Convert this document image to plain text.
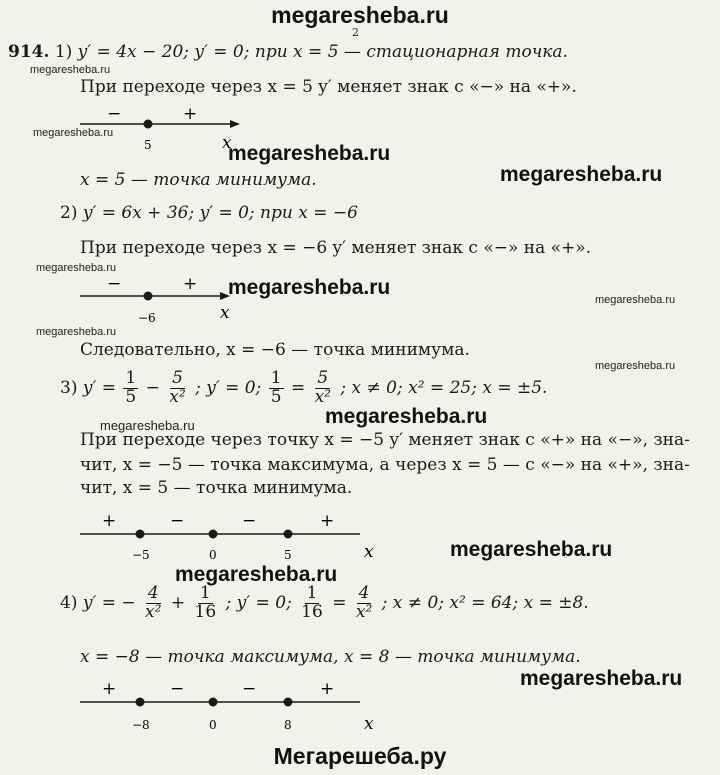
megaresheba.ru
Мегарешеба.ру
2
914. 1) y′ = 4x − 20; y′ = 0; при x = 5 — стационарная точка.
При переходе через x = 5 y′ меняет знак с «−» на «+».
−	+
5	x
x = 5 — точка минимума.
2) y′ = 6x + 36; y′ = 0; при x = −6
При переходе через x = −6 y′ меняет знак с «−» на «+».
−	+
−6	x
Следовательно, x = −6 — точка минимума.
3) $y' = \frac{1}{5} - \frac{5}{\text{x²}}$ ; y′ = 0; $\frac{1}{5} = \frac{5}{\text{x²}}$ ; x ≠ 0; x² = 25; x = ±5.
При переходе через точку x = −5 y′ меняет знак с «+» на «−», зна-
чит, x = −5 — точка максимума, а через x = 5 — с «−» на «+», зна-
чит, x = 5 — точка минимума.
+	−	−	+
−5	0	5	x
4) y′ = − $\frac{4}{\text{x²}} + \frac{1}{16}$ ; y′ = 0; $\frac{1}{16} = \frac{4}{\text{x²}}$ ; x ≠ 0; x² = 64; x = ±8.
x = −8 — точка максимума, x = 8 — точка минимума.
+	−	−	+
−8	0	8	x
megaresheba.ru
megaresheba.ru
megaresheba.ru
megaresheba.ru
megaresheba.ru
megaresheba.ru
megaresheba.ru
megaresheba.ru
megaresheba.ru
megaresheba.ru
megaresheba.ru
megaresheba.ru
megaresheba.ru
megaresheba.ru
